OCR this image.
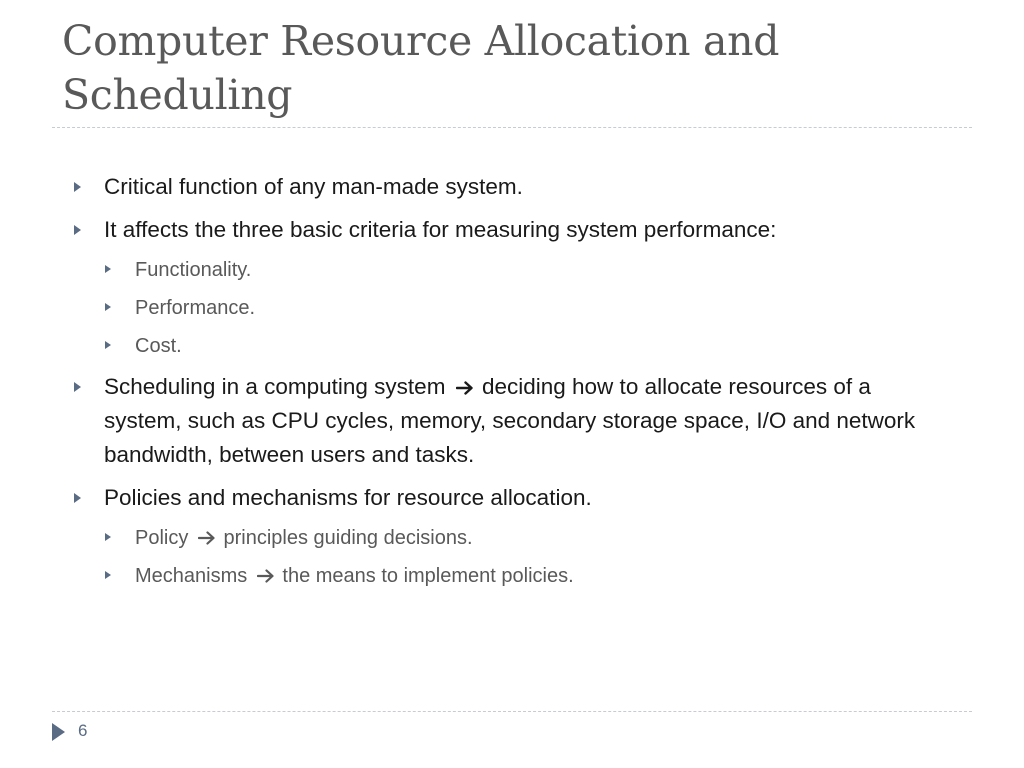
Computer Resource Allocation and
Scheduling
Critical function of any man-made system.
It affects the three basic criteria for measuring system performance:
Functionality.
Performance.
Cost.
Scheduling in a computing system deciding how to allocate resources of a system, such as CPU cycles, memory, secondary storage space, I/O and network bandwidth, between users and tasks.
Policies and mechanisms for resource allocation.
Policy principles guiding decisions.
Mechanisms the means to implement policies.
6
